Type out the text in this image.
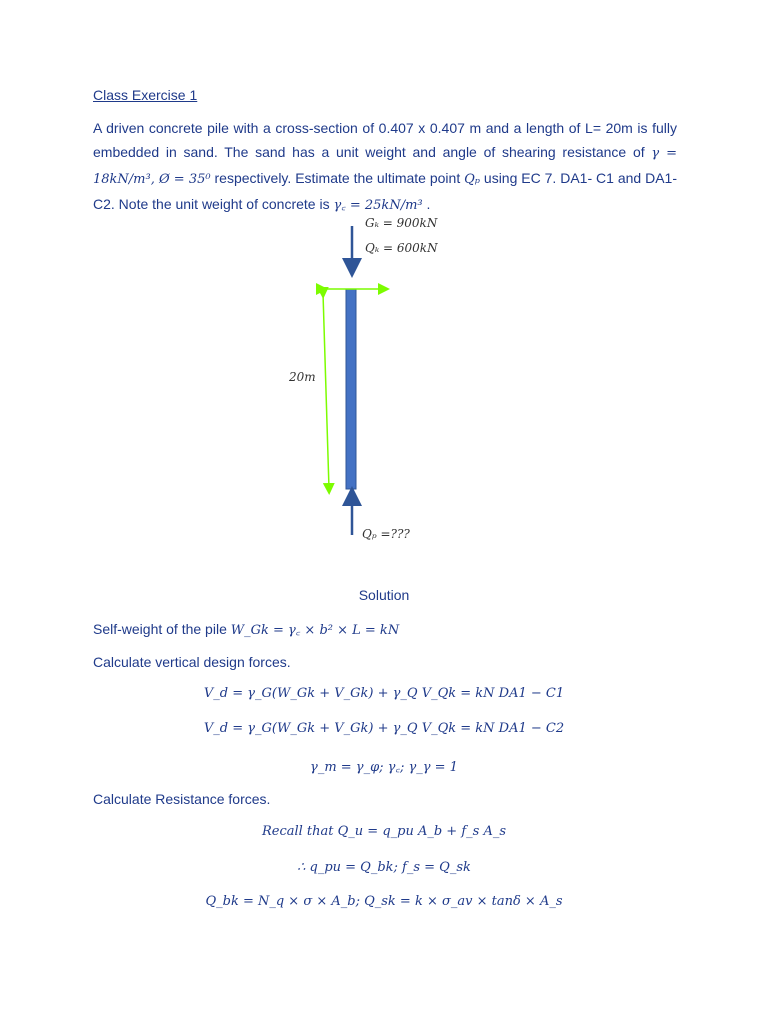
Class Exercise 1
A driven concrete pile with a cross-section of 0.407 x 0.407 m and a length of L= 20m is fully embedded in sand. The sand has a unit weight and angle of shearing resistance of γ = 18kN/m³, Ø = 35⁰ respectively. Estimate the ultimate point Qₚ using EC 7. DA1- C1 and DA1-C2. Note the unit weight of concrete is γ꜀ = 25kN/m³ .
Gₖ = 900kN
Qₖ = 600kN
20m
Qₚ =???
Solution
Self-weight of the pile W_Gk = γ꜀ × b² × L = kN
Calculate vertical design forces.
V_d = γ_G(W_Gk + V_Gk) + γ_Q V_Qk = kN DA1 − C1
V_d = γ_G(W_Gk + V_Gk) + γ_Q V_Qk = kN DA1 − C2
γ_m = γ_φ; γ꜀; γ_γ = 1
Calculate Resistance forces.
Recall that Q_u = q_pu A_b + f_s A_s
∴ q_pu = Q_bk; f_s = Q_sk
Q_bk = N_q × σ × A_b; Q_sk = k × σ_av × tanδ × A_s
